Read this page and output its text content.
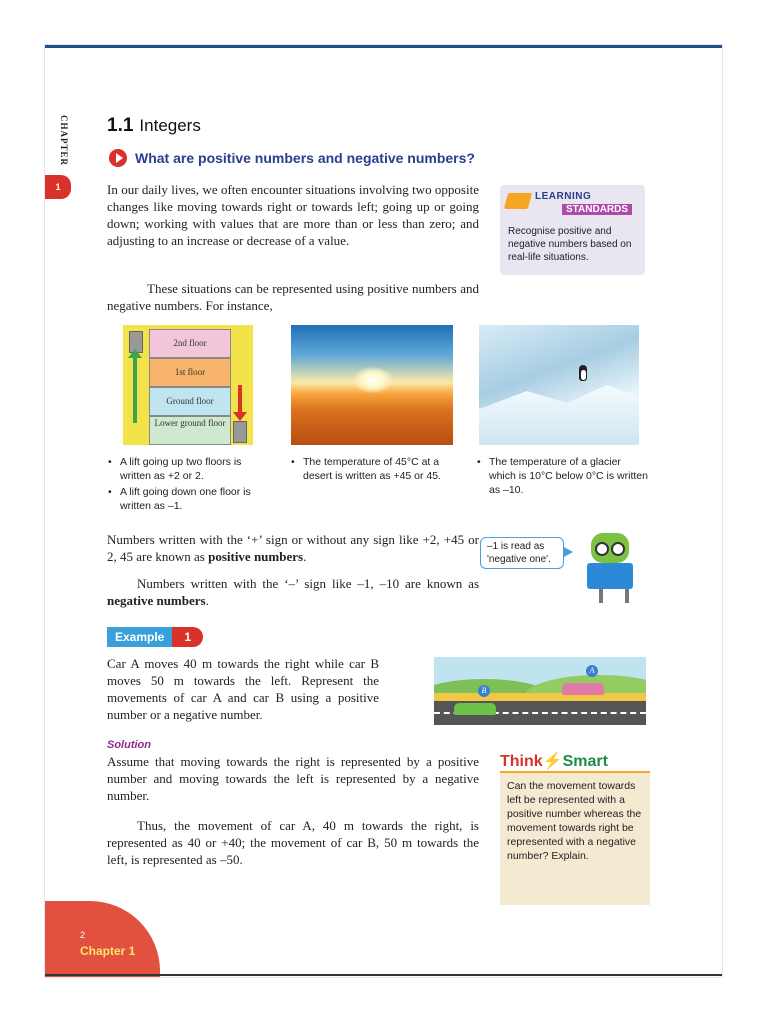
CHAPTER
1
1.1 Integers
What are positive numbers and negative numbers?
In our daily lives, we often encounter situations involving two opposite changes like moving towards right or towards left; going up or going down; working with values that are more than or less than zero; and adjusting to an increase or decrease of a value.
These situations can be represented using positive numbers and negative numbers. For instance,
LEARNING
STANDARDS
Recognise positive and negative numbers based on real-life situations.
2nd floor
1st floor
Ground floor
Lower ground floor
• A lift going up two floors is written as +2 or 2.
• A lift going down one floor is written as –1.
• The temperature of 45°C at a desert is written as +45 or 45.
• The temperature of a glacier which is 10°C below 0°C is written as –10.
Numbers written with the ‘+’ sign or without any sign like +2, +45 or 2, 45 are known as positive numbers.
Numbers written with the ‘–’ sign like –1, –10 are known as negative numbers.
–1 is read as 'negative one'.
Example	1
Car A moves 40 m towards the right while car B moves 50 m towards the left. Represent the movements of car A and car B using a positive number or a negative number.
B
A
Solution
Assume that moving towards the right is represented by a positive number and moving towards the left is represented by a negative number.
Thus, the movement of car A, 40 m towards the right, is represented as 40 or +40; the movement of car B, 50 m towards the left, is represented as –50.
Think⚡Smart
Can the movement towards left be represented with a positive number whereas the movement towards right be represented with a negative number? Explain.
2
Chapter 1
